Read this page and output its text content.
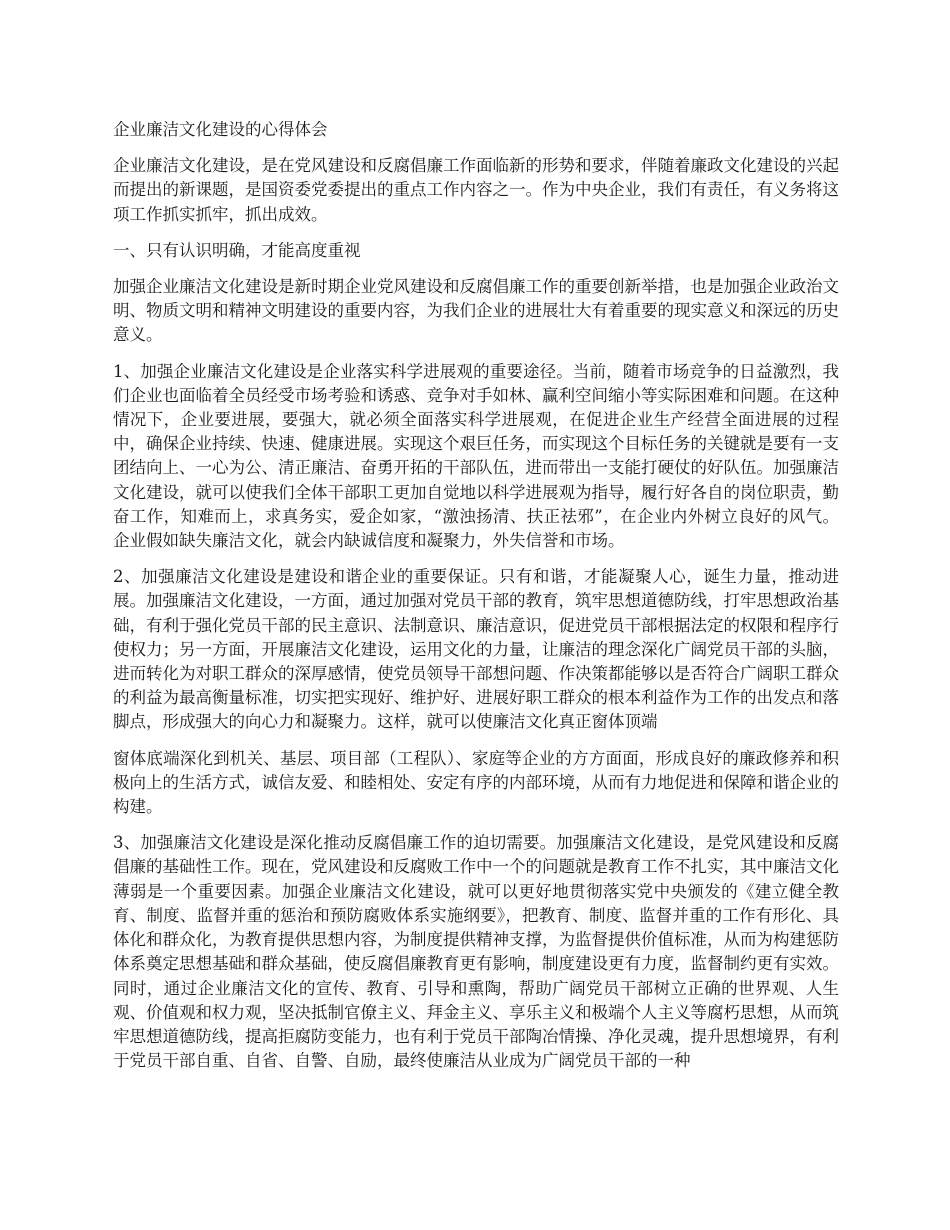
企业廉洁文化建设的心得体会

企业廉洁文化建设，是在党风建设和反腐倡廉工作面临新的形势和要求，伴随着廉政文化建设的兴起而提出的新课题，是国资委党委提出的重点工作内容之一。作为中央企业，我们有责任，有义务将这项工作抓实抓牢，抓出成效。

一、只有认识明确，才能高度重视

加强企业廉洁文化建设是新时期企业党风建设和反腐倡廉工作的重要创新举措，也是加强企业政治文明、物质文明和精神文明建设的重要内容，为我们企业的进展壮大有着重要的现实意义和深远的历史意义。

1、加强企业廉洁文化建设是企业落实科学进展观的重要途径。当前，随着市场竞争的日益激烈，我们企业也面临着全员经受市场考验和诱惑、竞争对手如林、赢利空间缩小等实际困难和问题。在这种情况下，企业要进展，要强大，就必须全面落实科学进展观，在促进企业生产经营全面进展的过程中，确保企业持续、快速、健康进展。实现这个艰巨任务，而实现这个目标任务的关键就是要有一支团结向上、一心为公、清正廉洁、奋勇开拓的干部队伍，进而带出一支能打硬仗的好队伍。加强廉洁文化建设，就可以使我们全体干部职工更加自觉地以科学进展观为指导，履行好各自的岗位职责，勤奋工作，知难而上，求真务实，爱企如家，“激浊扬清、扶正祛邪”，在企业内外树立良好的风气。企业假如缺失廉洁文化，就会内缺诚信度和凝聚力，外失信誉和市场。

2、加强廉洁文化建设是建设和谐企业的重要保证。只有和谐，才能凝聚人心，诞生力量，推动进展。加强廉洁文化建设，一方面，通过加强对党员干部的教育，筑牢思想道德防线，打牢思想政治基础，有利于强化党员干部的民主意识、法制意识、廉洁意识，促进党员干部根据法定的权限和程序行使权力；另一方面，开展廉洁文化建设，运用文化的力量，让廉洁的理念深化广阔党员干部的头脑，进而转化为对职工群众的深厚感情，使党员领导干部想问题、作决策都能够以是否符合广阔职工群众的利益为最高衡量标准，切实把实现好、维护好、进展好职工群众的根本利益作为工作的出发点和落脚点，形成强大的向心力和凝聚力。这样，就可以使廉洁文化真正窗体顶端

窗体底端深化到机关、基层、项目部（工程队）、家庭等企业的方方面面，形成良好的廉政修养和积极向上的生活方式，诚信友爱、和睦相处、安定有序的内部环境，从而有力地促进和保障和谐企业的构建。

3、加强廉洁文化建设是深化推动反腐倡廉工作的迫切需要。加强廉洁文化建设，是党风建设和反腐倡廉的基础性工作。现在，党风建设和反腐败工作中一个的问题就是教育工作不扎实，其中廉洁文化薄弱是一个重要因素。加强企业廉洁文化建设，就可以更好地贯彻落实党中央颁发的《建立健全教育、制度、监督并重的惩治和预防腐败体系实施纲要》，把教育、制度、监督并重的工作有形化、具体化和群众化，为教育提供思想内容，为制度提供精神支撑，为监督提供价值标准，从而为构建惩防体系奠定思想基础和群众基础，使反腐倡廉教育更有影响，制度建设更有力度，监督制约更有实效。同时，通过企业廉洁文化的宣传、教育、引导和熏陶，帮助广阔党员干部树立正确的世界观、人生观、价值观和权力观，坚决抵制官僚主义、拜金主义、享乐主义和极端个人主义等腐朽思想，从而筑牢思想道德防线，提高拒腐防变能力，也有利于党员干部陶冶情操、净化灵魂，提升思想境界，有利于党员干部自重、自省、自警、自励，最终使廉洁从业成为广阔党员干部的一种
